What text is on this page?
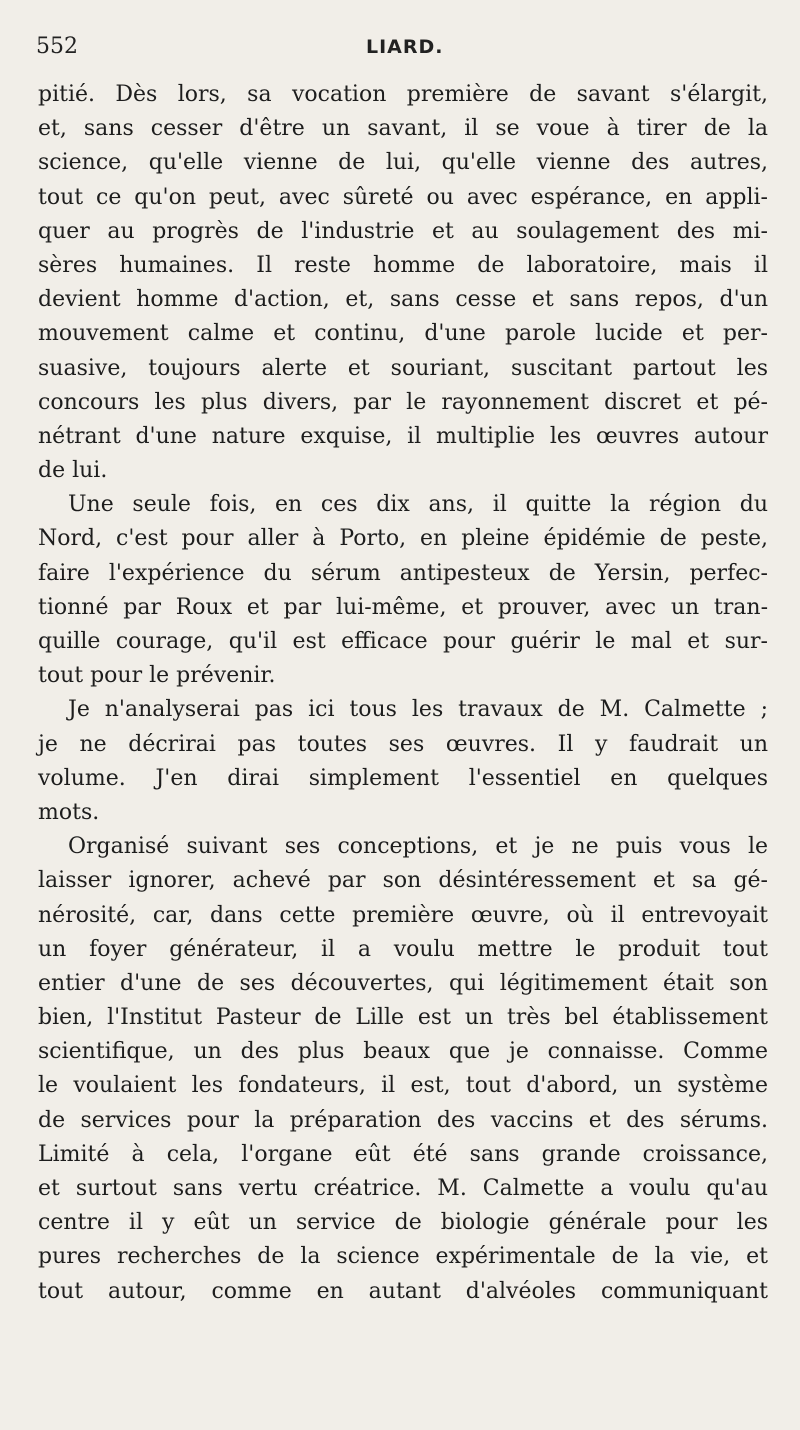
552	LIARD.
pitié. Dès lors, sa vocation première de savant s'élargit,
et, sans cesser d'être un savant, il se voue à tirer de la
science, qu'elle vienne de lui, qu'elle vienne des autres,
tout ce qu'on peut, avec sûreté ou avec espérance, en appli-
quer au progrès de l'industrie et au soulagement des mi-
sères humaines. Il reste homme de laboratoire, mais il
devient homme d'action, et, sans cesse et sans repos, d'un
mouvement calme et continu, d'une parole lucide et per-
suasive, toujours alerte et souriant, suscitant partout les
concours les plus divers, par le rayonnement discret et pé-
nétrant d'une nature exquise, il multiplie les œuvres autour
de lui.
Une seule fois, en ces dix ans, il quitte la région du
Nord, c'est pour aller à Porto, en pleine épidémie de peste,
faire l'expérience du sérum antipesteux de Yersin, perfec-
tionné par Roux et par lui-même, et prouver, avec un tran-
quille courage, qu'il est efficace pour guérir le mal et sur-
tout pour le prévenir.
Je n'analyserai pas ici tous les travaux de M. Calmette ;
je ne décrirai pas toutes ses œuvres. Il y faudrait un
volume. J'en dirai simplement l'essentiel en quelques
mots.
Organisé suivant ses conceptions, et je ne puis vous le
laisser ignorer, achevé par son désintéressement et sa gé-
nérosité, car, dans cette première œuvre, où il entrevoyait
un foyer générateur, il a voulu mettre le produit tout
entier d'une de ses découvertes, qui légitimement était son
bien, l'Institut Pasteur de Lille est un très bel établissement
scientifique, un des plus beaux que je connaisse. Comme
le voulaient les fondateurs, il est, tout d'abord, un système
de services pour la préparation des vaccins et des sérums.
Limité à cela, l'organe eût été sans grande croissance,
et surtout sans vertu créatrice. M. Calmette a voulu qu'au
centre il y eût un service de biologie générale pour les
pures recherches de la science expérimentale de la vie, et
tout autour, comme en autant d'alvéoles communiquant
